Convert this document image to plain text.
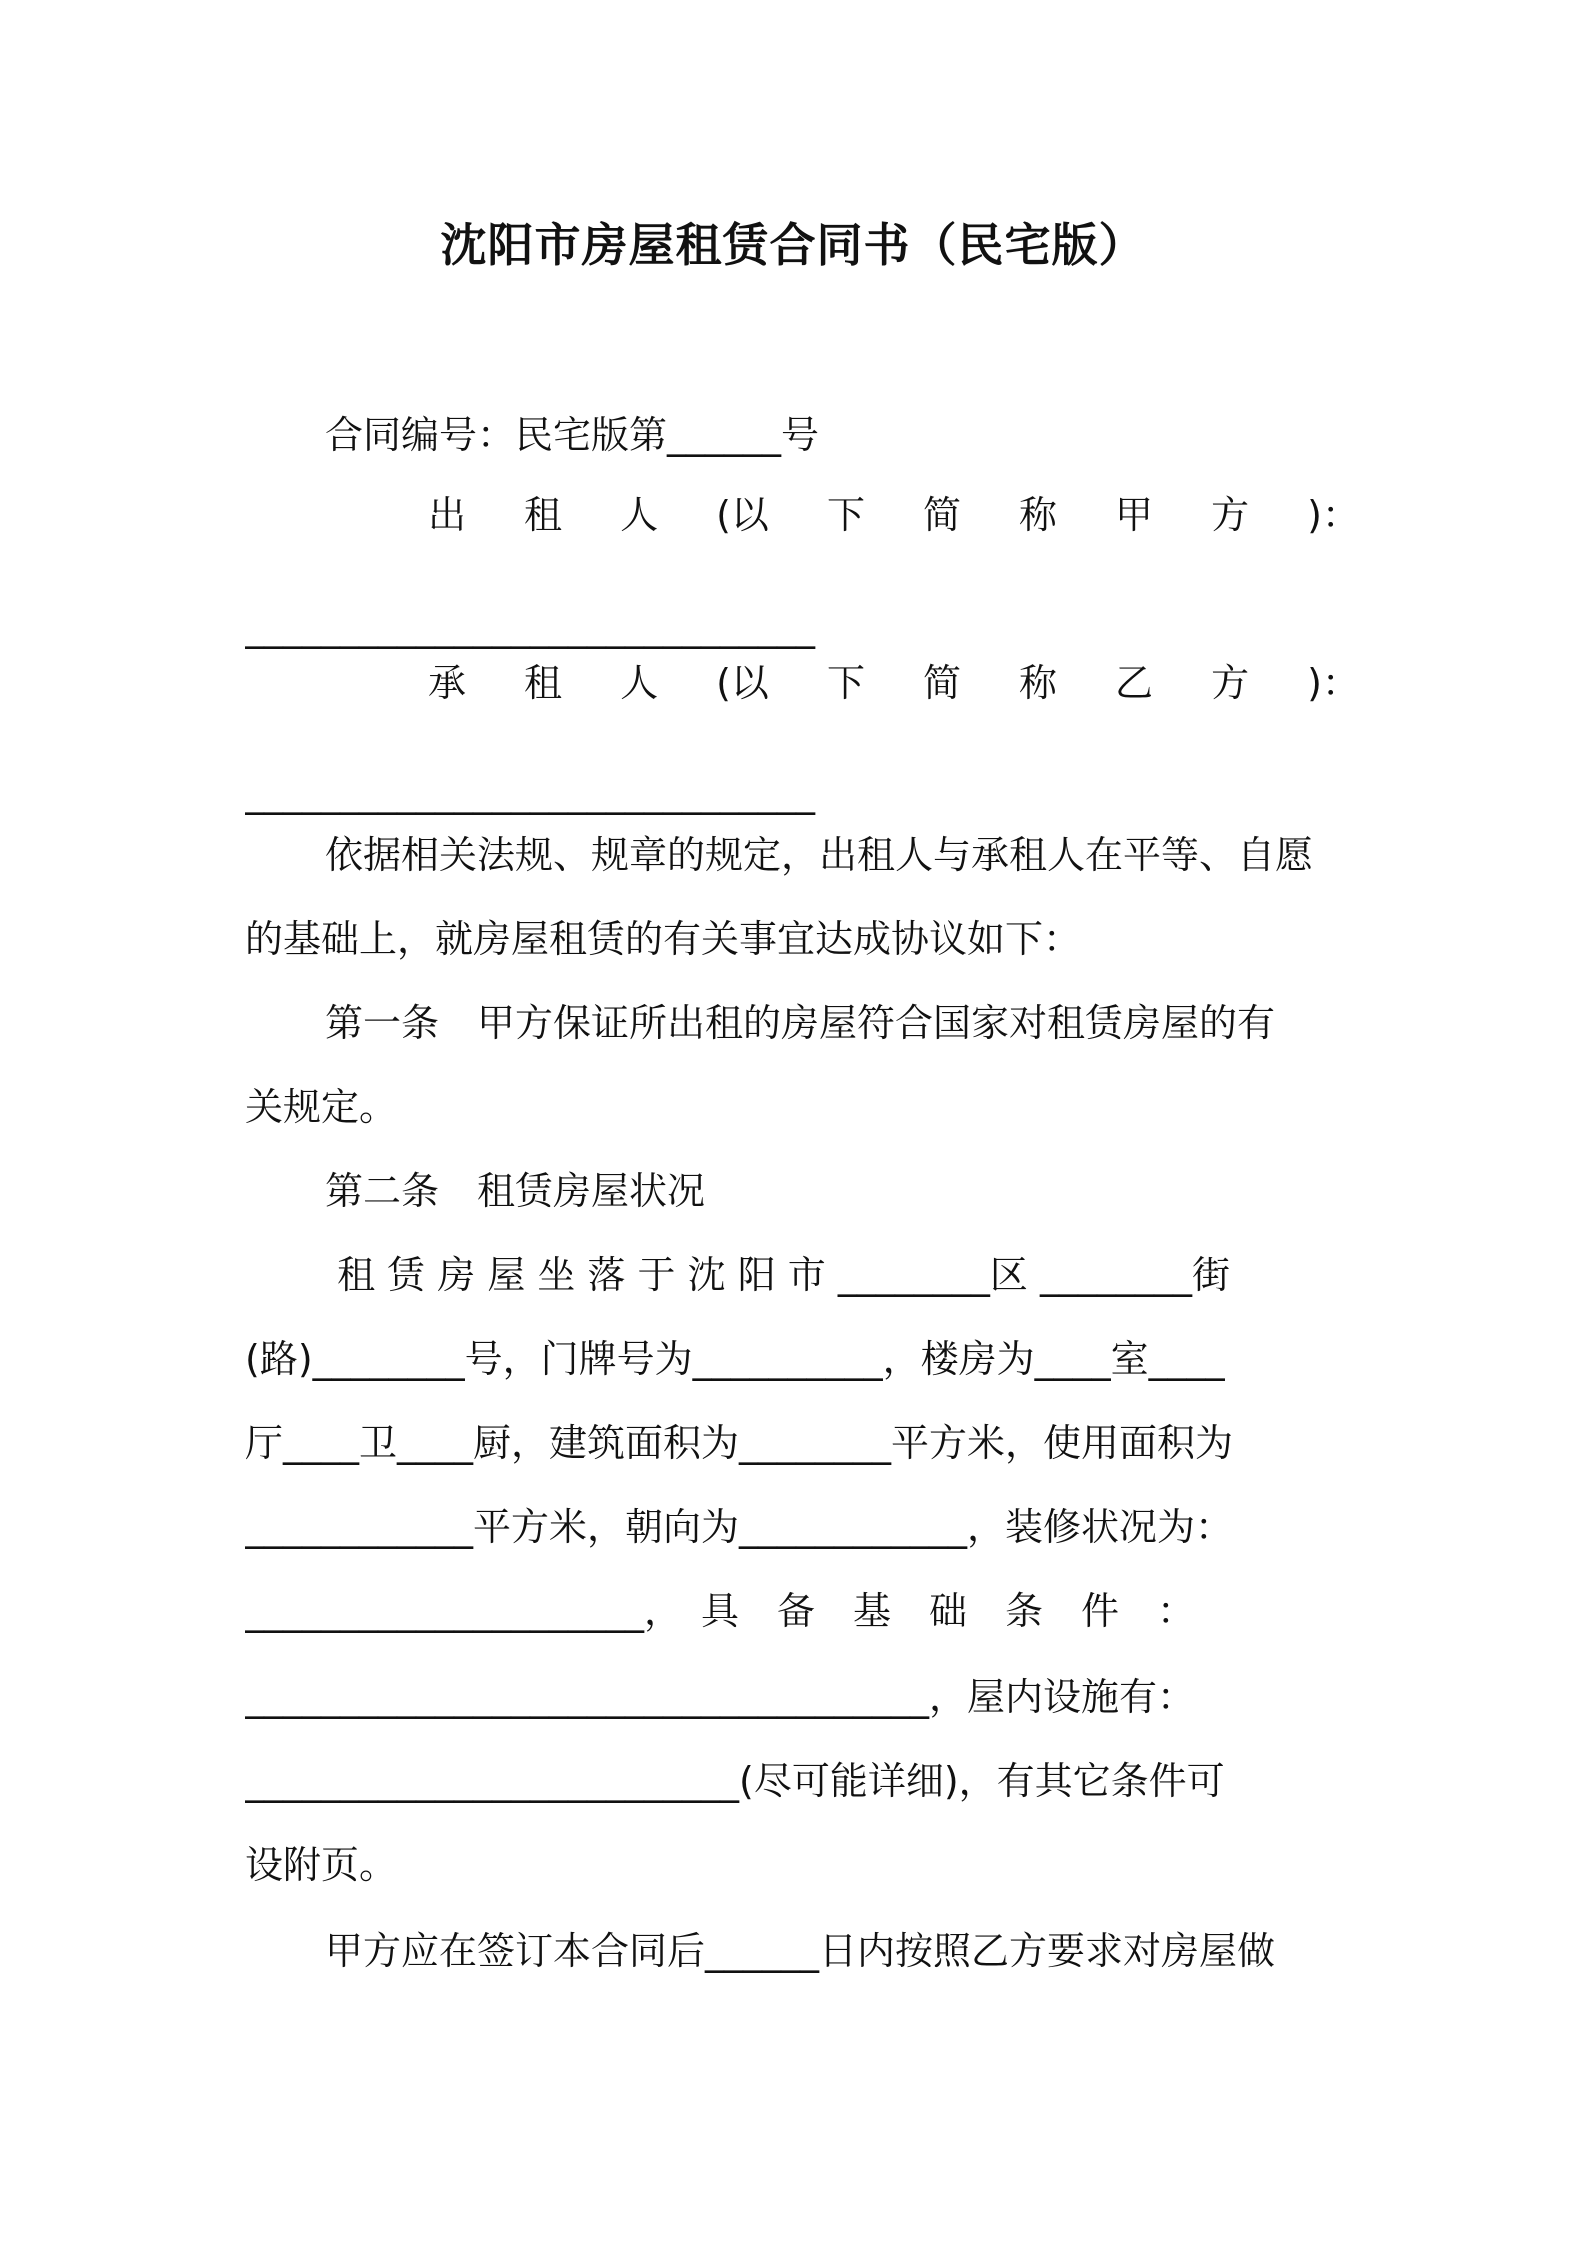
沈阳市房屋租赁合同书（民宅版）
合同编号：民宅版第______号
出 租 人 (以 下 简 称 甲 方 )：
______________________________
承 租 人 (以 下 简 称 乙 方 )：
______________________________
依据相关法规、规章的规定，出租人与承租人在平等、自愿
的基础上，就房屋租赁的有关事宜达成协议如下：
第一条　甲方保证所出租的房屋符合国家对租赁房屋的有
关规定。
第二条　租赁房屋状况
租 赁 房 屋 坐 落 于 沈 阳 市 ________区 ________街
(路)________号，门牌号为__________，楼房为____室____
厅____卫____厨，建筑面积为________平方米，使用面积为
____________平方米，朝向为____________，装修状况为：
_____________________，　具　备　基　础　条　件　：
____________________________________，屋内设施有：
__________________________(尽可能详细)，有其它条件可
设附页。
甲方应在签订本合同后______日内按照乙方要求对房屋做
